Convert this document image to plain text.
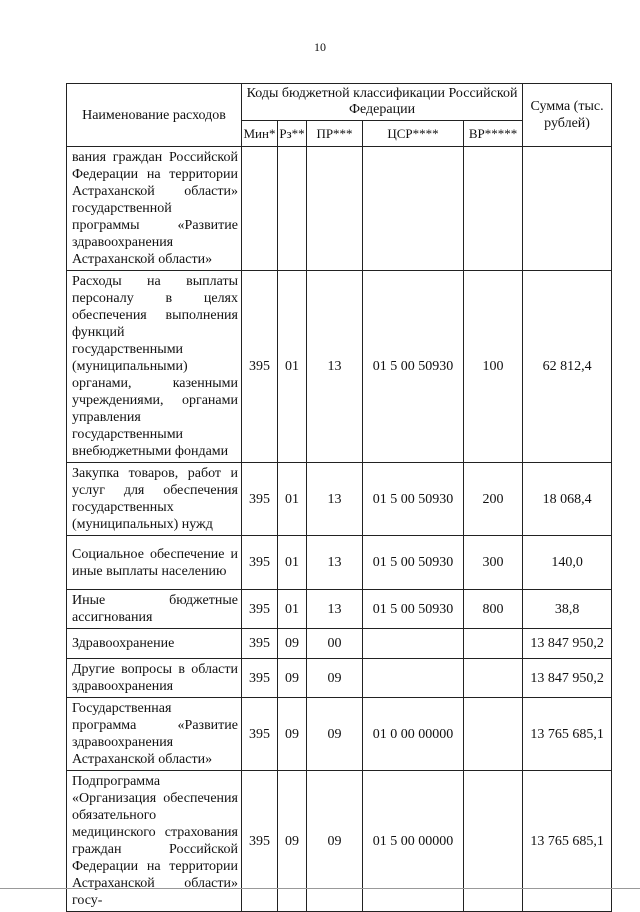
10
Наименование расходов	Коды бюджетной классификации Российской Федерации					Сумма (тыс. рублей)
	Мин*	Рз**	ПР***	ЦСР****	ВР*****	
вания граждан Российской Федерации на территории Астраханской области» государственной программы «Развитие здравоохранения Астраханской области»						
Расходы на выплаты персоналу в целях обеспечения выполнения функций государственными (муниципальными) органами, казенными учреждениями, органами управления государственными внебюджетными фондами	395	01	13	01 5 00 50930	100	62 812,4
Закупка товаров, работ и услуг для обеспечения государственных (муниципальных) нужд	395	01	13	01 5 00 50930	200	18 068,4
Социальное обеспечение и иные выплаты населению	395	01	13	01 5 00 50930	300	140,0
Иные бюджетные ассигнования	395	01	13	01 5 00 50930	800	38,8
Здравоохранение	395	09	00			13 847 950,2
Другие вопросы в области здравоохранения	395	09	09			13 847 950,2
Государственная программа «Развитие здравоохранения Астраханской области»	395	09	09	01 0 00 00000		13 765 685,1
Подпрограмма «Организация обеспечения обязательного медицинского страхования граждан Российской Федерации на территории Астраханской области» госу-	395	09	09	01 5 00 00000		13 765 685,1
